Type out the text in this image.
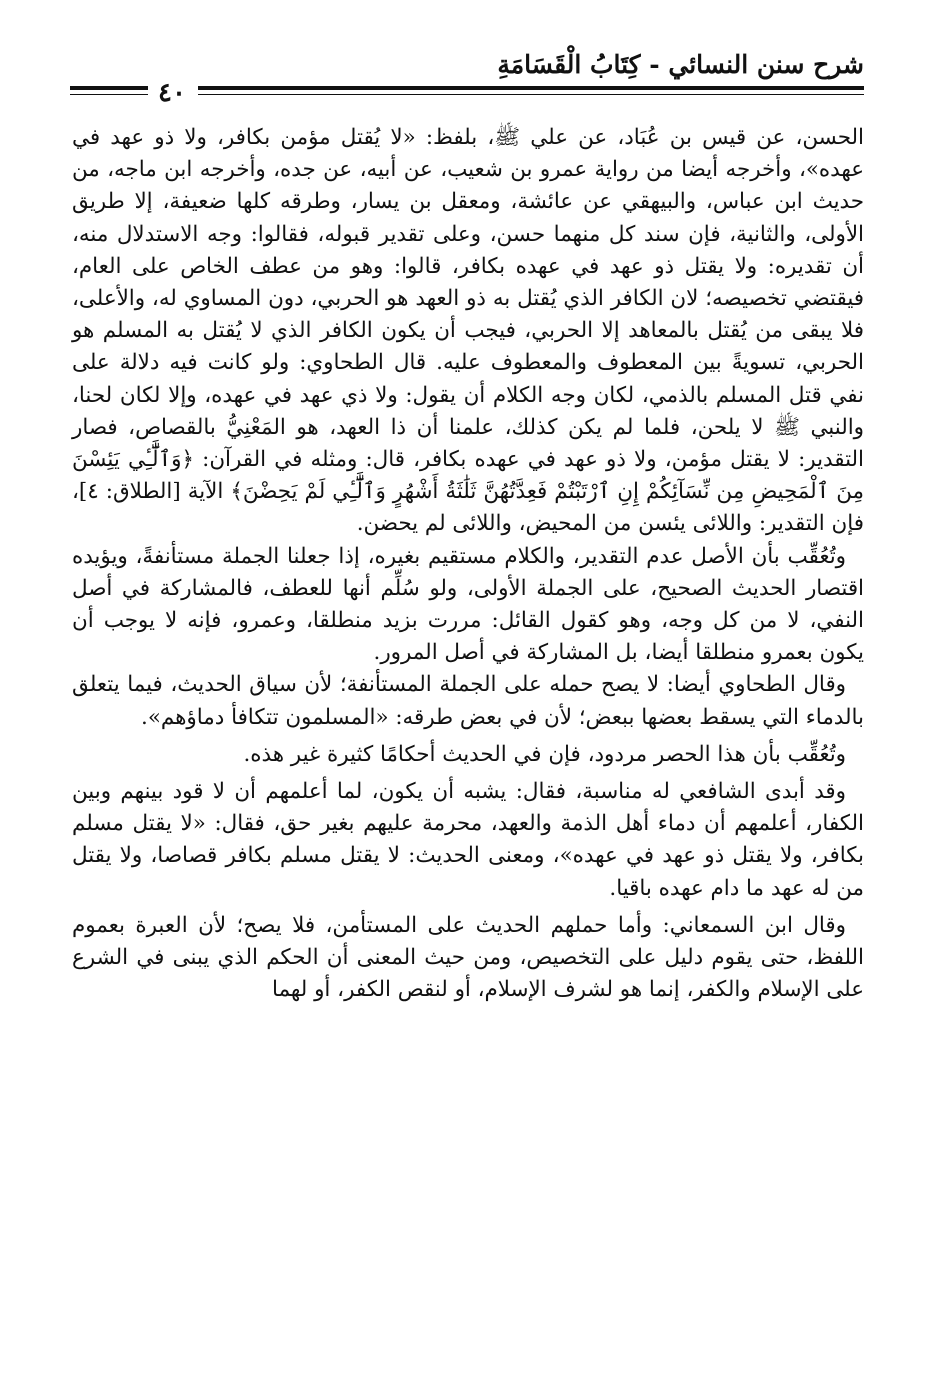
شرح سنن النسائي - كِتَابُ الْقَسَامَةِ
٤٠

الحسن، عن قيس بن عُبَاد، عن علي ﷺ، بلفظ: «لا يُقتل مؤمن بكافر، ولا ذو عهد في عهده»، وأخرجه أيضا من رواية عمرو بن شعيب، عن أبيه، عن جده، وأخرجه ابن ماجه، من حديث ابن عباس، والبيهقي عن عائشة، ومعقل بن يسار، وطرقه كلها ضعيفة، إلا طريق الأولى، والثانية، فإن سند كل منهما حسن، وعلى تقدير قبوله، فقالوا: وجه الاستدلال منه، أن تقديره: ولا يقتل ذو عهد في عهده بكافر، قالوا: وهو من عطف الخاص على العام، فيقتضي تخصيصه؛ لان الكافر الذي يُقتل به ذو العهد هو الحربي، دون المساوي له، والأعلى، فلا يبقى من يُقتل بالمعاهد إلا الحربي، فيجب أن يكون الكافر الذي لا يُقتل به المسلم هو الحربي، تسويةً بين المعطوف والمعطوف عليه. قال الطحاوي: ولو كانت فيه دلالة على نفي قتل المسلم بالذمي، لكان وجه الكلام أن يقول: ولا ذي عهد في عهده، وإلا لكان لحنا، والنبي ﷺ لا يلحن، فلما لم يكن كذلك، علمنا أن ذا العهد، هو المَعْنِيُّ بالقصاص، فصار التقدير: لا يقتل مؤمن، ولا ذو عهد في عهده بكافر، قال: ومثله في القرآن: ﴿وَٱلَّٰٓـِٔي يَئِسْنَ مِنَ ٱلْمَحِيضِ مِن نِّسَآئِكُمْ إِنِ ٱرْتَبْتُمْ فَعِدَّتُهُنَّ ثَلَٰثَةُ أَشْهُرٍ وَٱلَّٰٓـِٔي لَمْ يَحِضْنَ﴾ الآية [الطلاق: ٤]، فإن التقدير: واللائى يئسن من المحيض، واللائى لم يحضن.

وتُعُقِّب بأن الأصل عدم التقدير، والكلام مستقيم بغيره، إذا جعلنا الجملة مستأنفةً، ويؤيده اقتصار الحديث الصحيح، على الجملة الأولى، ولو سُلِّم أنها للعطف، فالمشاركة في أصل النفي، لا من كل وجه، وهو كقول القائل: مررت بزيد منطلقا، وعمرو، فإنه لا يوجب أن يكون بعمرو منطلقا أيضا، بل المشاركة في أصل المرور.

وقال الطحاوي أيضا: لا يصح حمله على الجملة المستأنفة؛ لأن سياق الحديث، فيما يتعلق بالدماء التي يسقط بعضها ببعض؛ لأن في بعض طرقه: «المسلمون تتكافأ دماؤهم».

وتُعُقِّب بأن هذا الحصر مردود، فإن في الحديث أحكامًا كثيرة غير هذه.

وقد أبدى الشافعي له مناسبة، فقال: يشبه أن يكون، لما أعلمهم أن لا قود بينهم وبين الكفار، أعلمهم أن دماء أهل الذمة والعهد، محرمة عليهم بغير حق، فقال: «لا يقتل مسلم بكافر، ولا يقتل ذو عهد في عهده»، ومعنى الحديث: لا يقتل مسلم بكافر قصاصا، ولا يقتل من له عهد ما دام عهده باقيا.

وقال ابن السمعاني: وأما حملهم الحديث على المستأمن، فلا يصح؛ لأن العبرة بعموم اللفظ، حتى يقوم دليل على التخصيص، ومن حيث المعنى أن الحكم الذي يبنى في الشرع على الإسلام والكفر، إنما هو لشرف الإسلام، أو لنقص الكفر، أو لهما
